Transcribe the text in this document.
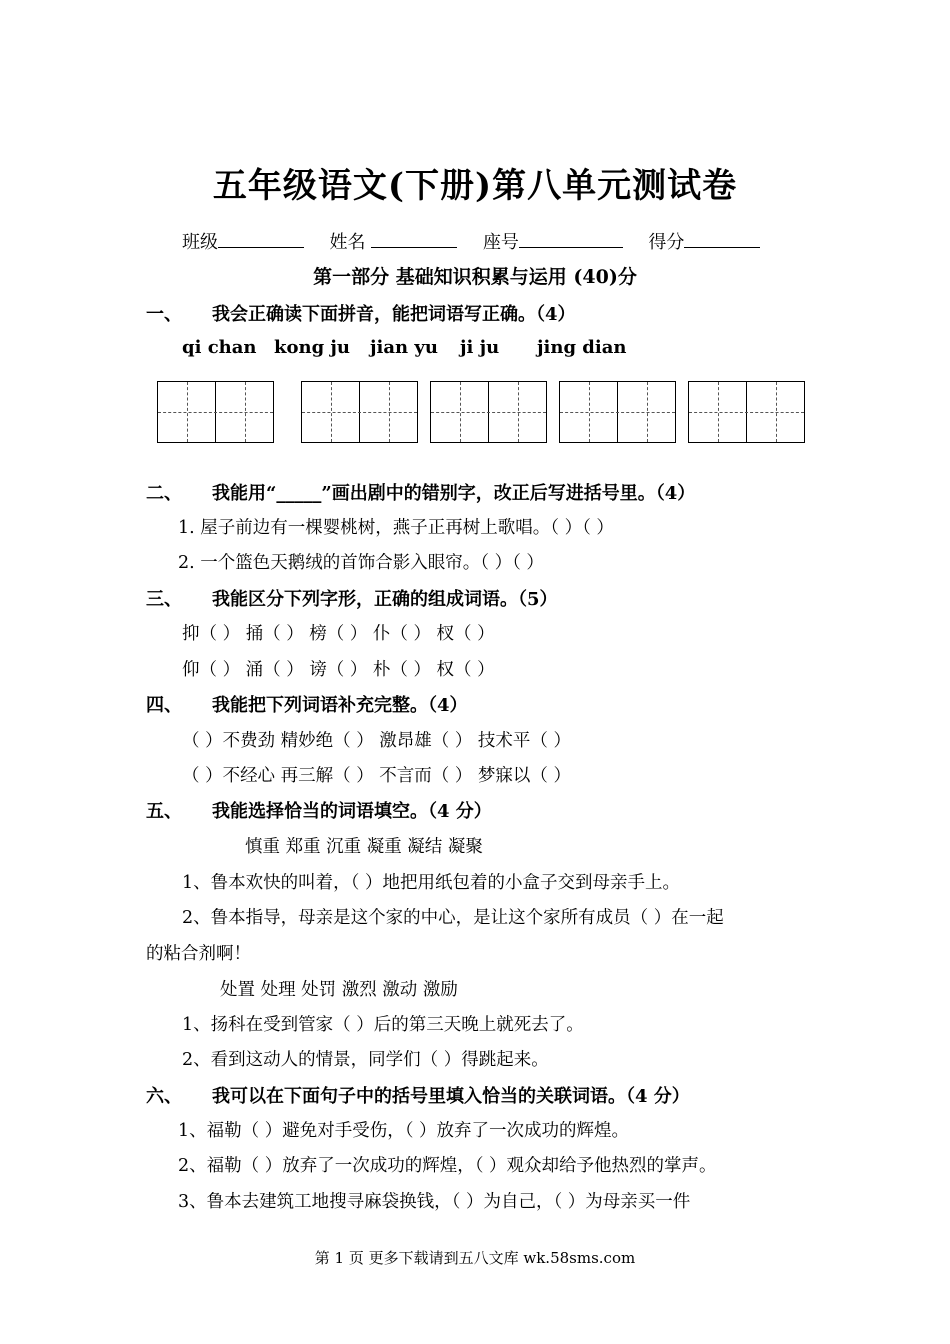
五年级语文(下册)第八单元测试卷
班级	姓名	座号	得分
第一部分 基础知识积累与运用 (40)分
一、 我会正确读下面拼音，能把词语写正确。（4）
qi chan kong ju jian yu ji ju jing dian
二、 我能用“_____”画出剧中的错别字，改正后写进括号里。（4）
1. 屋子前边有一棵婴桃树，燕子正再树上歌唱。（ ）（ ）
2. 一个篮色天鹅绒的首饰合影入眼帘。（ ）（ ）
三、 我能区分下列字形，正确的组成词语。（5）
抑（ ） 捅（ ） 榜（ ） 仆（ ） 杈（ ）
仰（ ） 涌（ ） 谤（ ） 朴（ ） 权（ ）
四、 我能把下列词语补充完整。（4）
（ ）不费劲 精妙绝（ ） 激昂雄（ ） 技术平（ ）
（ ）不经心 再三解（ ） 不言而（ ） 梦寐以（ ）
五、 我能选择恰当的词语填空。（4 分）
慎重 郑重 沉重 凝重 凝结 凝聚
1、鲁本欢快的叫着，（ ）地把用纸包着的小盒子交到母亲手上。
2、鲁本指导，母亲是这个家的中心，是让这个家所有成员（ ）在一起
的粘合剂啊！
处置 处理 处罚 激烈 激动 激励
1、扬科在受到管家（ ）后的第三天晚上就死去了。
2、看到这动人的情景，同学们（ ）得跳起来。
六、 我可以在下面句子中的括号里填入恰当的关联词语。（4 分）
1、福勒（ ）避免对手受伤，（ ）放弃了一次成功的辉煌。
2、福勒（ ）放弃了一次成功的辉煌，（ ）观众却给予他热烈的掌声。
3、鲁本去建筑工地搜寻麻袋换钱，（ ）为自己，（ ）为母亲买一件
第 1 页 更多下载请到五八文库 wk.58sms.com
